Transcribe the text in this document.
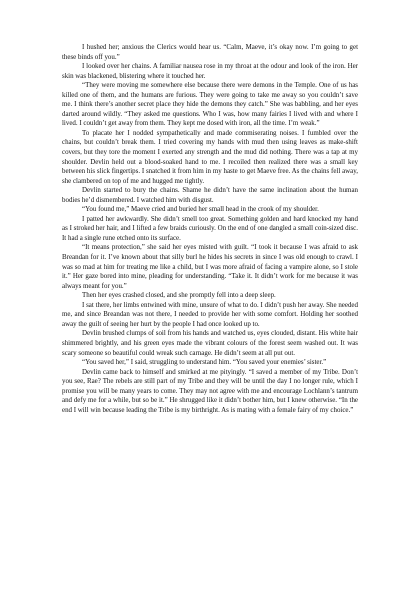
I hushed her; anxious the Clerics would hear us. “Calm, Maeve, it’s okay now. I’m going to get these binds off you.”

I looked over her chains. A familiar nausea rose in my throat at the odour and look of the iron. Her skin was blackened, blistering where it touched her.

“They were moving me somewhere else because there were demons in the Temple. One of us has killed one of them, and the humans are furious. They were going to take me away so you couldn’t save me. I think there’s another secret place they hide the demons they catch.” She was babbling, and her eyes darted around wildly. “They asked me questions. Who I was, how many fairies I lived with and where I lived. I couldn’t get away from them. They kept me dosed with iron, all the time. I’m weak.”

To placate her I nodded sympathetically and made commiserating noises. I fumbled over the chains, but couldn’t break them. I tried covering my hands with mud then using leaves as make-shift covers, but they tore the moment I exerted any strength and the mud did nothing. There was a tap at my shoulder. Devlin held out a blood-soaked hand to me. I recoiled then realized there was a small key between his slick fingertips. I snatched it from him in my haste to get Maeve free. As the chains fell away, she clambered on top of me and hugged me tightly.

Devlin started to bury the chains. Shame he didn’t have the same inclination about the human bodies he’d dismembered. I watched him with disgust.

“You found me,” Maeve cried and buried her small head in the crook of my shoulder.

I patted her awkwardly. She didn’t smell too great. Something golden and hard knocked my hand as I stroked her hair, and I lifted a few braids curiously. On the end of one dangled a small coin-sized disc. It had a single rune etched onto its surface.

“It means protection,” she said her eyes misted with guilt. “I took it because I was afraid to ask Breandan for it. I’ve known about that silly burl he hides his secrets in since I was old enough to crawl. I was so mad at him for treating me like a child, but I was more afraid of facing a vampire alone, so I stole it.” Her gaze bored into mine, pleading for understanding. “Take it. It didn’t work for me because it was always meant for you.”

Then her eyes crashed closed, and she promptly fell into a deep sleep.

I sat there, her limbs entwined with mine, unsure of what to do. I didn’t push her away. She needed me, and since Breandan was not there, I needed to provide her with some comfort. Holding her soothed away the guilt of seeing her hurt by the people I had once looked up to.

Devlin brushed clumps of soil from his hands and watched us, eyes clouded, distant. His white hair shimmered brightly, and his green eyes made the vibrant colours of the forest seem washed out. It was scary someone so beautiful could wreak such carnage. He didn’t seem at all put out.

“You saved her,” I said, struggling to understand him. “You saved your enemies’ sister.”

Devlin came back to himself and smirked at me pityingly. “I saved a member of my Tribe. Don’t you see, Rae? The rebels are still part of my Tribe and they will be until the day I no longer rule, which I promise you will be many years to come. They may not agree with me and encourage Lochlann’s tantrum and defy me for a while, but so be it.” He shrugged like it didn’t bother him, but I knew otherwise. “In the end I will win because leading the Tribe is my birthright. As is mating with a female fairy of my choice.”
